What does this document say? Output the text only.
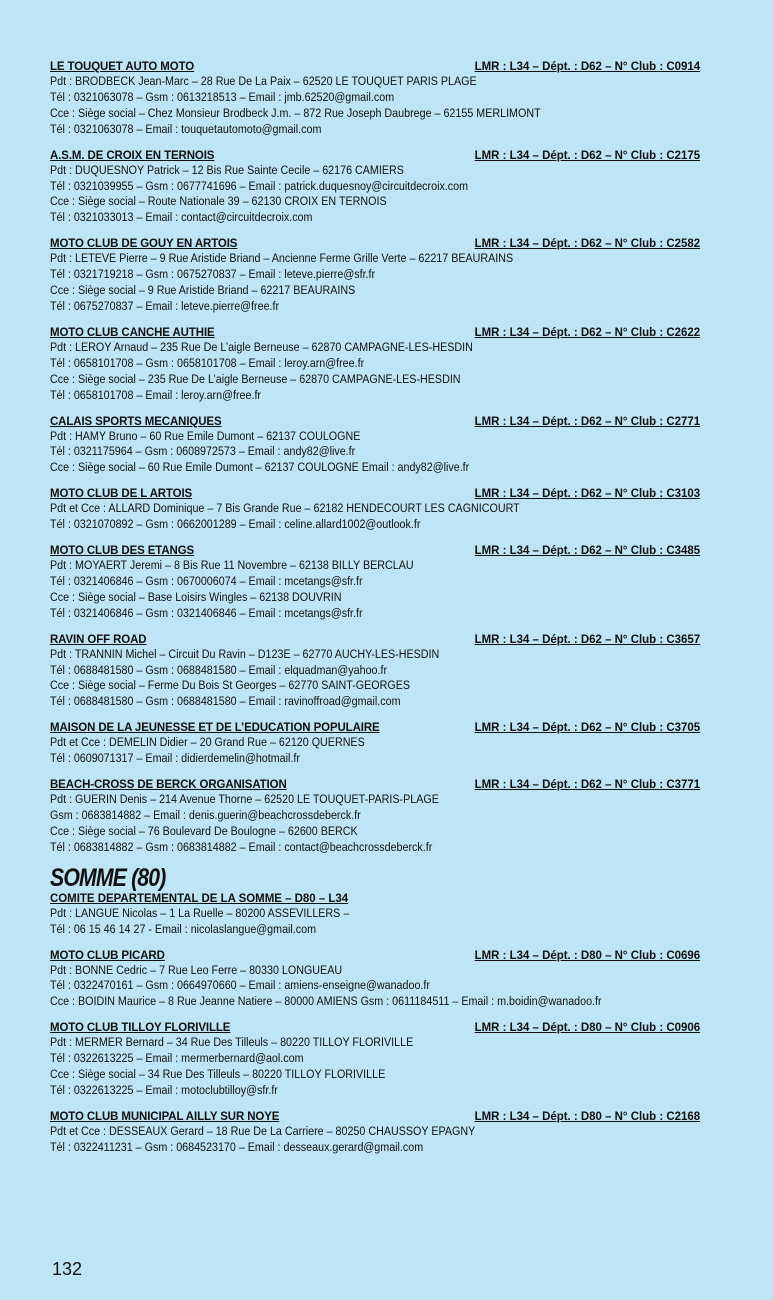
LE TOUQUET AUTO MOTO	LMR : L34 – Dépt. : D62 – N° Club : C0914
Pdt : BRODBECK Jean-Marc – 28 Rue De La Paix – 62520 LE TOUQUET PARIS PLAGE
Tél : 0321063078 – Gsm : 0613218513 – Email : jmb.62520@gmail.com
Cce : Siège social – Chez Monsieur Brodbeck J.m. – 872 Rue Joseph Daubrege – 62155 MERLIMONT
Tél : 0321063078 – Email : touquetautomoto@gmail.com
A.S.M. DE CROIX EN TERNOIS	LMR : L34 – Dépt. : D62 – N° Club : C2175
Pdt : DUQUESNOY Patrick – 12 Bis Rue Sainte Cecile – 62176 CAMIERS
Tél : 0321039955 – Gsm : 0677741696 – Email : patrick.duquesnoy@circuitdecroix.com
Cce : Siège social – Route Nationale 39 – 62130 CROIX EN TERNOIS
Tél : 0321033013 – Email : contact@circuitdecroix.com
MOTO CLUB DE GOUY EN ARTOIS	LMR : L34 – Dépt. : D62 – N° Club : C2582
Pdt : LETEVE Pierre – 9 Rue Aristide Briand – Ancienne Ferme Grille Verte – 62217 BEAURAINS
Tél : 0321719218 – Gsm : 0675270837 – Email : leteve.pierre@sfr.fr
Cce : Siège social – 9 Rue Aristide Briand – 62217 BEAURAINS
Tél : 0675270837 – Email : leteve.pierre@free.fr
MOTO CLUB CANCHE AUTHIE	LMR : L34 – Dépt. : D62 – N° Club : C2622
Pdt : LEROY Arnaud – 235 Rue De L’aigle Berneuse – 62870 CAMPAGNE-LES-HESDIN
Tél : 0658101708 – Gsm : 0658101708 – Email : leroy.arn@free.fr
Cce : Siège social – 235 Rue De L’aigle Berneuse – 62870 CAMPAGNE-LES-HESDIN
Tél : 0658101708 – Email : leroy.arn@free.fr
CALAIS SPORTS MECANIQUES	LMR : L34 – Dépt. : D62 – N° Club : C2771
Pdt : HAMY Bruno – 60 Rue Emile Dumont – 62137 COULOGNE
Tél : 0321175964 – Gsm : 0608972573 – Email : andy82@live.fr
Cce : Siège social – 60 Rue Emile Dumont – 62137 COULOGNE Email : andy82@live.fr
MOTO CLUB DE L ARTOIS	LMR : L34 – Dépt. : D62 – N° Club : C3103
Pdt et Cce : ALLARD Dominique – 7 Bis Grande Rue – 62182 HENDECOURT LES CAGNICOURT
Tél : 0321070892 – Gsm : 0662001289 – Email : celine.allard1002@outlook.fr
MOTO CLUB DES ETANGS	LMR : L34 – Dépt. : D62 – N° Club : C3485
Pdt : MOYAERT Jeremi – 8 Bis Rue 11 Novembre – 62138 BILLY BERCLAU
Tél : 0321406846 – Gsm : 0670006074 – Email : mcetangs@sfr.fr
Cce : Siège social – Base Loisirs Wingles – 62138 DOUVRIN
Tél : 0321406846 – Gsm : 0321406846 – Email : mcetangs@sfr.fr
RAVIN OFF ROAD	LMR : L34 – Dépt. : D62 – N° Club : C3657
Pdt : TRANNIN Michel – Circuit Du Ravin – D123E – 62770 AUCHY-LES-HESDIN
Tél : 0688481580 – Gsm : 0688481580 – Email : elquadman@yahoo.fr
Cce : Siège social – Ferme Du Bois St Georges – 62770 SAINT-GEORGES
Tél : 0688481580 – Gsm : 0688481580 – Email : ravinoffroad@gmail.com
MAISON DE LA JEUNESSE ET DE L’EDUCATION POPULAIRE	LMR : L34 – Dépt. : D62 – N° Club : C3705
Pdt et Cce : DEMELIN Didier – 20 Grand Rue – 62120 QUERNES
Tél : 0609071317 – Email : didierdemelin@hotmail.fr
BEACH-CROSS DE BERCK ORGANISATION	LMR : L34 – Dépt. : D62 – N° Club : C3771
Pdt : GUERIN Denis – 214 Avenue Thorne – 62520 LE TOUQUET-PARIS-PLAGE
Gsm : 0683814882 – Email : denis.guerin@beachcrossdeberck.fr
Cce : Siège social – 76 Boulevard De Boulogne – 62600 BERCK
Tél : 0683814882 – Gsm : 0683814882 – Email : contact@beachcrossdeberck.fr
SOMME (80)
COMITE DEPARTEMENTAL DE LA SOMME – D80 – L34
Pdt : LANGUE Nicolas – 1 La Ruelle – 80200 ASSEVILLERS –
Tél : 06 15 46 14 27 - Email : nicolaslangue@gmail.com
MOTO CLUB PICARD	LMR : L34 – Dépt. : D80 – N° Club : C0696
Pdt : BONNE Cedric – 7 Rue Leo Ferre – 80330 LONGUEAU
Tél : 0322470161 – Gsm : 0664970660 – Email : amiens-enseigne@wanadoo.fr
Cce : BOIDIN Maurice – 8 Rue Jeanne Natiere – 80000 AMIENS Gsm : 0611184511 – Email : m.boidin@wanadoo.fr
MOTO CLUB TILLOY FLORIVILLE	LMR : L34 – Dépt. : D80 – N° Club : C0906
Pdt : MERMER Bernard – 34 Rue Des Tilleuls – 80220 TILLOY FLORIVILLE
Tél : 0322613225 – Email : mermerbernard@aol.com
Cce : Siège social – 34 Rue Des Tilleuls – 80220 TILLOY FLORIVILLE
Tél : 0322613225 – Email : motoclubtilloy@sfr.fr
MOTO CLUB MUNICIPAL AILLY SUR NOYE	LMR : L34 – Dépt. : D80 – N° Club : C2168
Pdt et Cce : DESSEAUX Gerard – 18 Rue De La Carriere – 80250 CHAUSSOY EPAGNY
Tél : 0322411231 – Gsm : 0684523170 – Email : desseaux.gerard@gmail.com
132
